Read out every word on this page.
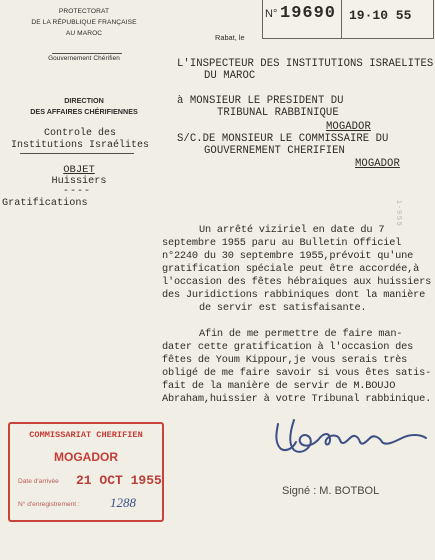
PROTECTORAT
DE LA RÉPUBLIQUE FRANÇAISE
AU MAROC
Gouvernement Chérifien
DIRECTION
DES AFFAIRES CHÉRIFIENNES
Controle des
Institutions Israélites
OBJET
Huissiers
----
Gratifications
Rabat, le
N° 19690 19·10 55
L'INSPECTEUR DES INSTITUTIONS ISRAELITES
DU MAROC
à MONSIEUR LE PRESIDENT DU
TRIBUNAL RABBINIQUE
MOGADOR
S/C.DE MONSIEUR LE COMMISSAIRE DU
GOUVERNEMENT CHERIFIEN
MOGADOR
Un arrêté viziriel en date du 7
septembre 1955 paru au Bulletin Officiel
n°2240 du 30 septembre 1955,prévoit qu'une
gratification spéciale peut être accordée,à
l'occasion des fêtes hébraiques aux huissiers
des Juridictions rabbiniques dont la manière
de servir est satisfaisante.
Afin de me permettre de faire man-
dater cette gratification à l'occasion des
fêtes de Youm Kippour,je vous serais très
obligé de me faire savoir si vous êtes satis-
fait de la manière de servir de M.BOUJO
Abraham,huissier à votre Tribunal rabbinique.
Signé : M. BOTBOL
COMMISSARIAT CHERIFIEN
MOGADOR
Date d'arrivée 21 OCT 1955
N° d'enregistrement : 1288
1 - 9 5 5
